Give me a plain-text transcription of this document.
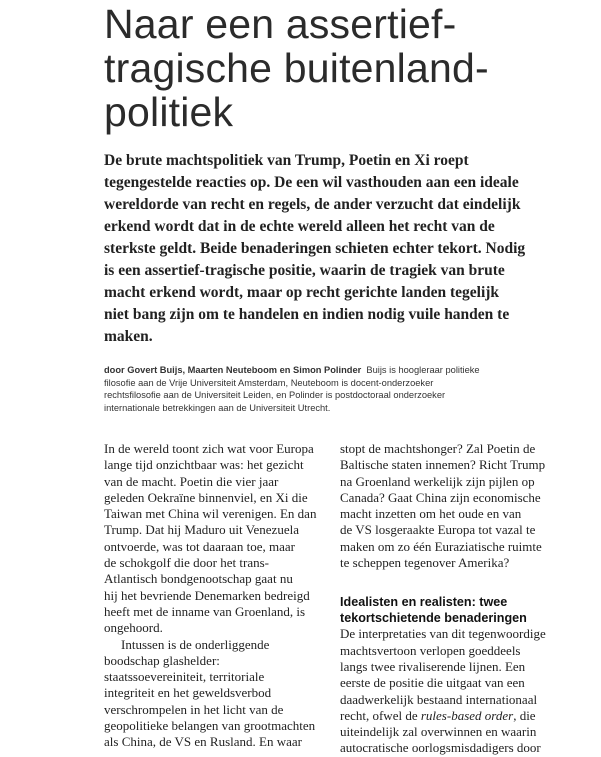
Naar een assertief-
tragische buitenland-
politiek
De brute machtspolitiek van Trump, Poetin en Xi roept
tegengestelde reacties op. De een wil vasthouden aan een ideale
wereldorde van recht en regels, de ander verzucht dat eindelijk
erkend wordt dat in de echte wereld alleen het recht van de
sterkste geldt. Beide benaderingen schieten echter tekort. Nodig
is een assertief-tragische positie, waarin de tragiek van brute
macht erkend wordt, maar op recht gerichte landen tegelijk
niet bang zijn om te handelen en indien nodig vuile handen te
maken.
door Govert Buijs, Maarten Neuteboom en Simon Polinder Buijs is hoogleraar politieke
filosofie aan de Vrije Universiteit Amsterdam, Neuteboom is docent-onderzoeker
rechtsfilosofie aan de Universiteit Leiden, en Polinder is postdoctoraal onderzoeker
internationale betrekkingen aan de Universiteit Utrecht.
In de wereld toont zich wat voor Europa
lange tijd onzichtbaar was: het gezicht
van de macht. Poetin die vier jaar
geleden Oekraïne binnenviel, en Xi die
Taiwan met China wil verenigen. En dan
Trump. Dat hij Maduro uit Venezuela
ontvoerde, was tot daaraan toe, maar
de schokgolf die door het trans-
Atlantisch bondgenootschap gaat nu
hij het bevriende Denemarken bedreigd
heeft met de inname van Groenland, is
ongehoord.
Intussen is de onderliggende
boodschap glashelder:
staatssoevereiniteit, territoriale
integriteit en het geweldsverbod
verschrompelen in het licht van de
geopolitieke belangen van grootmachten
als China, de VS en Rusland. En waar
stopt de machtshonger? Zal Poetin de
Baltische staten innemen? Richt Trump
na Groenland werkelijk zijn pijlen op
Canada? Gaat China zijn economische
macht inzetten om het oude en van
de VS losgeraakte Europa tot vazal te
maken om zo één Euraziatische ruimte
te scheppen tegenover Amerika?
Idealisten en realisten: twee
tekortschietende benaderingen
De interpretaties van dit tegenwoordige
machtsvertoon verlopen goeddeels
langs twee rivaliserende lijnen. Een
eerste de positie die uitgaat van een
daadwerkelijk bestaand internationaal
recht, ofwel de rules-based order, die
uiteindelijk zal overwinnen en waarin
autocratische oorlogsmisdadigers door
